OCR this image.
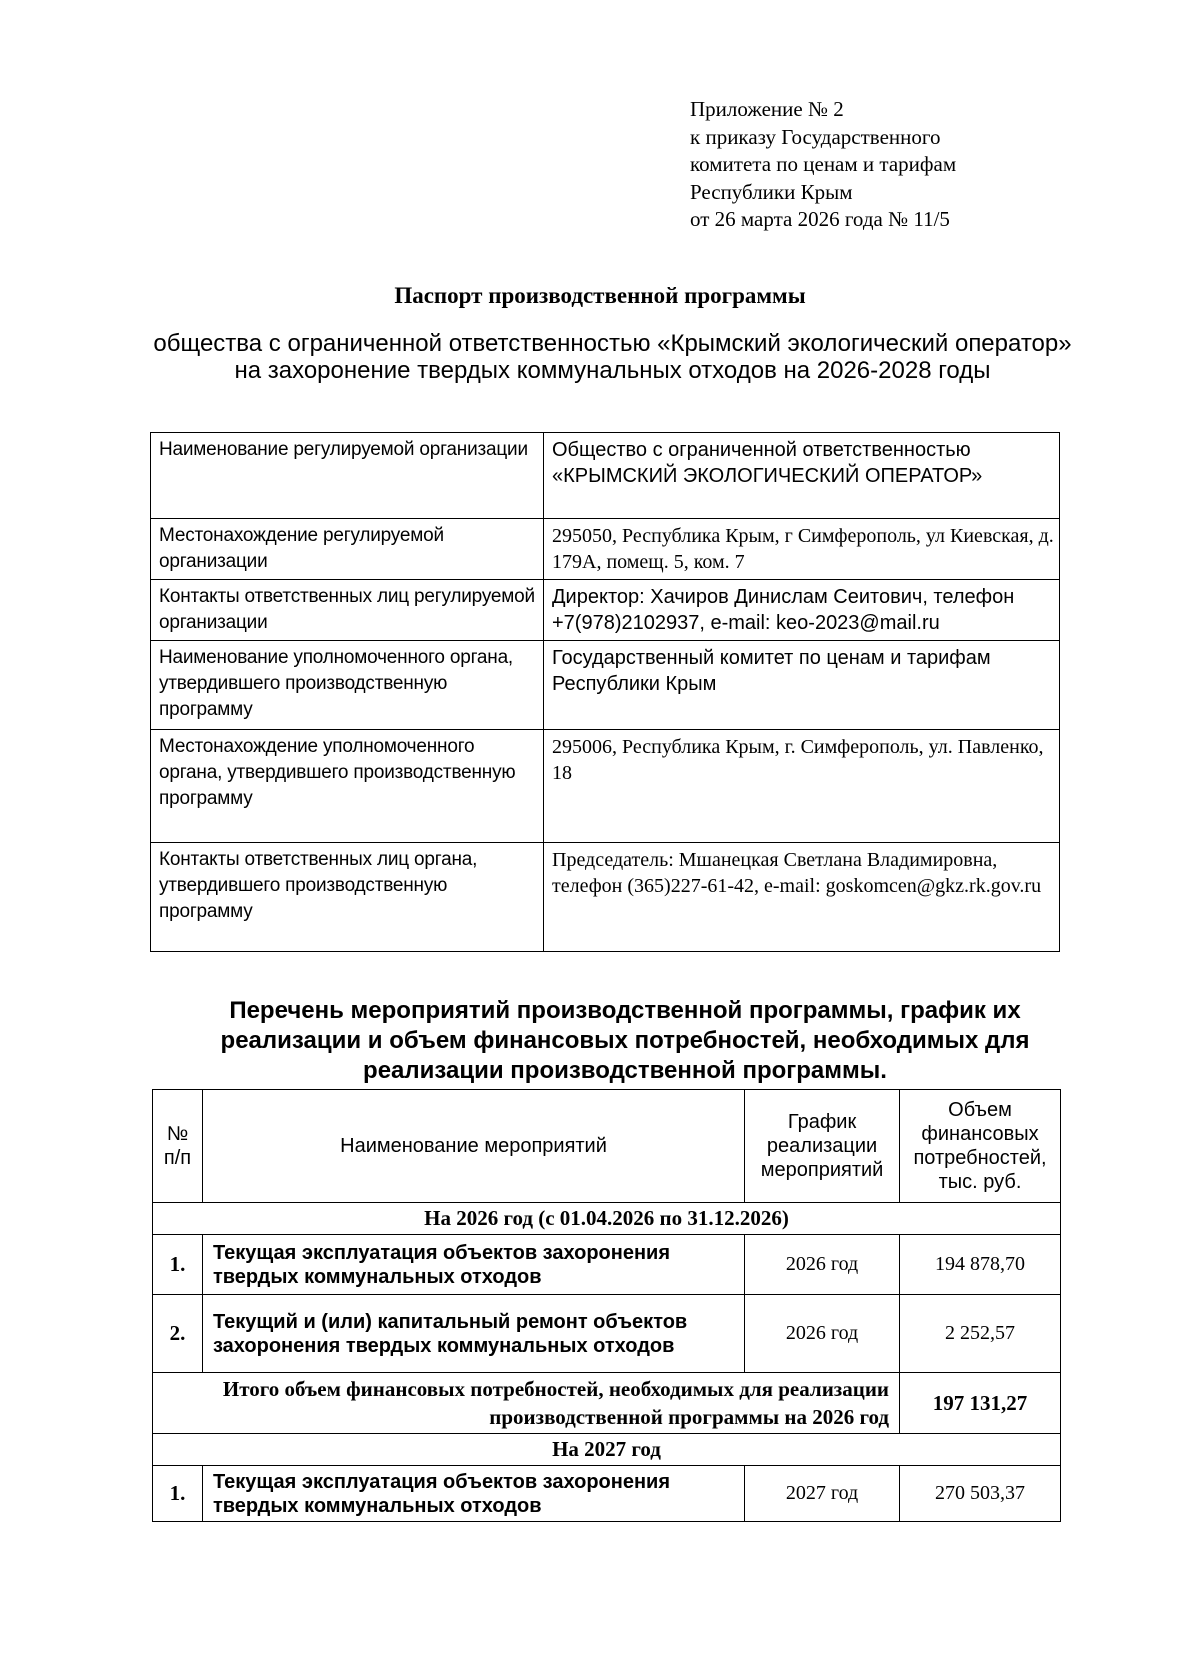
Приложение № 2
к приказу Государственного
комитета по ценам и тарифам
Республики Крым
от 26 марта 2026 года № 11/5
Паспорт производственной программы
общества с ограниченной ответственностью «Крымский экологический оператор» на захоронение твердых коммунальных отходов на 2026-2028 годы
Наименование регулируемой организации	Общество с ограниченной ответственностью «КРЫМСКИЙ ЭКОЛОГИЧЕСКИЙ ОПЕРАТОР»
Местонахождение регулируемой организации	295050, Республика Крым, г Симферополь, ул Киевская, д. 179А, помещ. 5, ком. 7
Контакты ответственных лиц регулируемой организации	Директор: Хачиров Динислам Сеитович, телефон +7(978)2102937, e-mail: keo-2023@mail.ru
Наименование уполномоченного органа, утвердившего производственную программу	Государственный комитет по ценам и тарифам Республики Крым
Местонахождение уполномоченного органа, утвердившего производственную программу	295006, Республика Крым, г. Симферополь, ул. Павленко, 18
Контакты ответственных лиц органа, утвердившего производственную программу	Председатель: Мшанецкая Светлана Владимировна, телефон (365)227-61-42, e-mail: goskomcen@gkz.rk.gov.ru
Перечень мероприятий производственной программы, график их реализации и объем финансовых потребностей, необходимых для реализации производственной программы.
№ п/п	Наименование мероприятий	График реализации мероприятий	Объем финансовых потребностей, тыс. руб.
На 2026 год (с 01.04.2026 по 31.12.2026)			
1.	Текущая эксплуатация объектов захоронения твердых коммунальных отходов	2026 год	194 878,70
2.	Текущий и (или) капитальный ремонт объектов захоронения твердых коммунальных отходов	2026 год	2 252,57
Итого объем финансовых потребностей, необходимых для реализации производственной программы на 2026 год			197 131,27
На 2027 год			
1.	Текущая эксплуатация объектов захоронения твердых коммунальных отходов	2027 год	270 503,37
